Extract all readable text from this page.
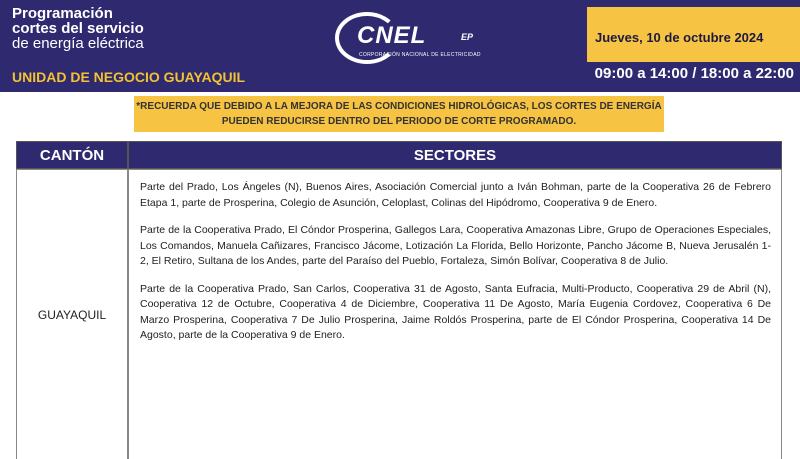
Programación
cortes del servicio
de energía eléctrica
UNIDAD DE NEGOCIO GUAYAQUIL
CNEL	EP
CORPORACIÓN NACIONAL DE ELECTRICIDAD
Jueves, 10 de octubre 2024
09:00 a 14:00 / 18:00 a 22:00
*RECUERDA QUE DEBIDO A LA MEJORA DE LAS CONDICIONES HIDROLÓGICAS, LOS CORTES DE ENERGÍA
PUEDEN REDUCIRSE DENTRO DEL PERIODO DE CORTE PROGRAMADO.
CANTÓN	SECTORES
GUAYAQUIL

Parte del Prado, Los Ángeles (N), Buenos Aires, Asociación Comercial junto a Iván Bohman, parte de la Cooperativa 26 de Febrero Etapa 1, parte de Prosperina, Colegio de Asunción, Celoplast, Colinas del Hipódromo, Cooperativa 9 de Enero.

Parte de la Cooperativa Prado, El Cóndor Prosperina, Gallegos Lara, Cooperativa Amazonas Libre, Grupo de Operaciones Especiales, Los Comandos, Manuela Cañizares, Francisco Jácome, Lotización La Florida, Bello Horizonte, Pancho Jácome B, Nueva Jerusalén 1-2, El Retiro, Sultana de los Andes, parte del Paraíso del Pueblo, Fortaleza, Simón Bolívar, Cooperativa 8 de Julio.

Parte de la Cooperativa Prado, San Carlos, Cooperativa 31 de Agosto, Santa Eufracia, Multi-Producto, Cooperativa 29 de Abril (N), Cooperativa 12 de Octubre, Cooperativa 4 de Diciembre, Cooperativa 11 De Agosto, María Eugenia Cordovez, Cooperativa 6 De Marzo Prosperina, Cooperativa 7 De Julio Prosperina, Jaime Roldós Prosperina, parte de El Cóndor Prosperina, Cooperativa 14 De Agosto, parte de la Cooperativa 9 de Enero.
